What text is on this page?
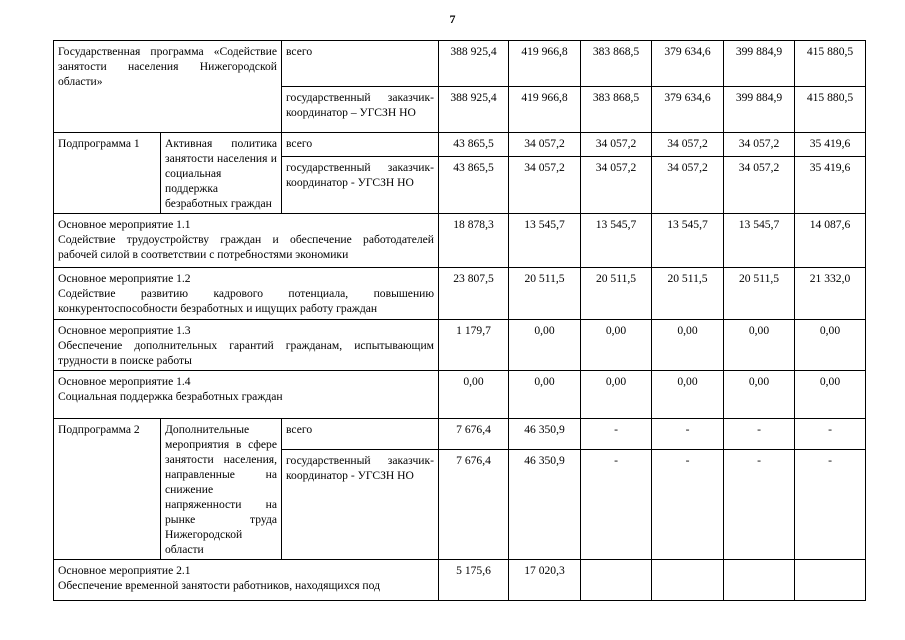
7
Государственная программа «Содействие занятости населения Нижегородской области»		всего	388 925,4	419 966,8	383 868,5	379 634,6	399 884,9	415 880,5
		государственный заказчик-координатор – УГСЗН НО	388 925,4	419 966,8	383 868,5	379 634,6	399 884,9	415 880,5
Подпрограмма 1	Активная политика занятости населения и социальная поддержка безработных граждан	всего	43 865,5	34 057,2	34 057,2	34 057,2	34 057,2	35 419,6
		государственный заказчик-координатор - УГСЗН НО	43 865,5	34 057,2	34 057,2	34 057,2	34 057,2	35 419,6

Основное мероприятие 1.1
Содействие трудоустройству граждан и обеспечение работодателей рабочей силой в соответствии с потребностями экономики			18 878,3	13 545,7	13 545,7	13 545,7	13 545,7	14 087,6

Основное мероприятие 1.2
Содействие развитию кадрового потенциала, повышению конкурентоспособности безработных и ищущих работу граждан			23 807,5	20 511,5	20 511,5	20 511,5	20 511,5	21 332,0

Основное мероприятие 1.3
Обеспечение дополнительных гарантий гражданам, испытывающим трудности в поиске работы			1 179,7	0,00	0,00	0,00	0,00	0,00

Основное мероприятие 1.4
Социальная поддержка безработных граждан			0,00	0,00	0,00	0,00	0,00	0,00
Подпрограмма 2	Дополнительные мероприятия в сфере занятости населения, направленные на снижение напряженности на рынке труда Нижегородской области	всего	7 676,4	46 350,9	-	-	-	-
		государственный заказчик-координатор - УГСЗН НО	7 676,4	46 350,9	-	-	-	-

Основное мероприятие 2.1
Обеспечение временной занятости работников, находящихся под			5 175,6	17 020,3				
